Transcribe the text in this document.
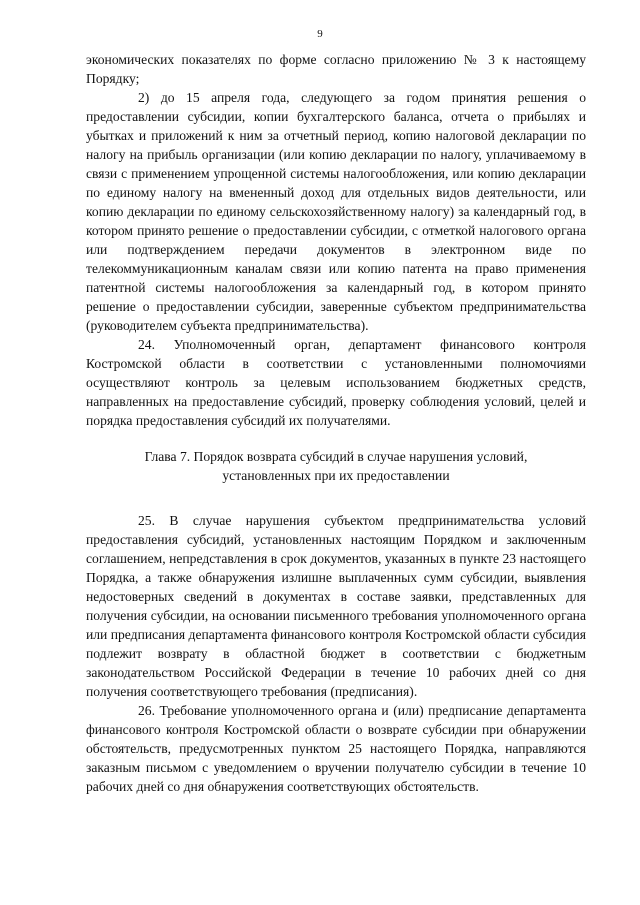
9

экономических показателях по форме согласно приложению № 3 к настоящему Порядку;

2) до 15 апреля года, следующего за годом принятия решения о предоставлении субсидии, копии бухгалтерского баланса, отчета о прибылях и убытках и приложений к ним за отчетный период, копию налоговой декларации по налогу на прибыль организации (или копию декларации по налогу, уплачиваемому в связи с применением упрощенной системы налогообложения, или копию декларации по единому налогу на вмененный доход для отдельных видов деятельности, или копию декларации по единому сельскохозяйственному налогу) за календарный год, в котором принято решение о предоставлении субсидии, с отметкой налогового органа или подтверждением передачи документов в электронном виде по телекоммуникационным каналам связи или копию патента на право применения патентной системы налогообложения за календарный год, в котором принято решение о предоставлении субсидии, заверенные субъектом предпринимательства (руководителем субъекта предпринимательства).

24. Уполномоченный орган, департамент финансового контроля Костромской области в соответствии с установленными полномочиями осуществляют контроль за целевым использованием бюджетных средств, направленных на предоставление субсидий, проверку соблюдения условий, целей и порядка предоставления субсидий их получателями.

Глава 7. Порядок возврата субсидий в случае нарушения условий,
установленных при их предоставлении

25. В случае нарушения субъектом предпринимательства условий предоставления субсидий, установленных настоящим Порядком и заключенным соглашением, непредставления в срок документов, указанных в пункте 23 настоящего Порядка, а также обнаружения излишне выплаченных сумм субсидии, выявления недостоверных сведений в документах в составе заявки, представленных для получения субсидии, на основании письменного требования уполномоченного органа или предписания департамента финансового контроля Костромской области субсидия подлежит возврату в областной бюджет в соответствии с бюджетным законодательством Российской Федерации в течение 10 рабочих дней со дня получения соответствующего требования (предписания).

26. Требование уполномоченного органа и (или) предписание департамента финансового контроля Костромской области о возврате субсидии при обнаружении обстоятельств, предусмотренных пунктом 25 настоящего Порядка, направляются заказным письмом с уведомлением о вручении получателю субсидии в течение 10 рабочих дней со дня обнаружения соответствующих обстоятельств.
